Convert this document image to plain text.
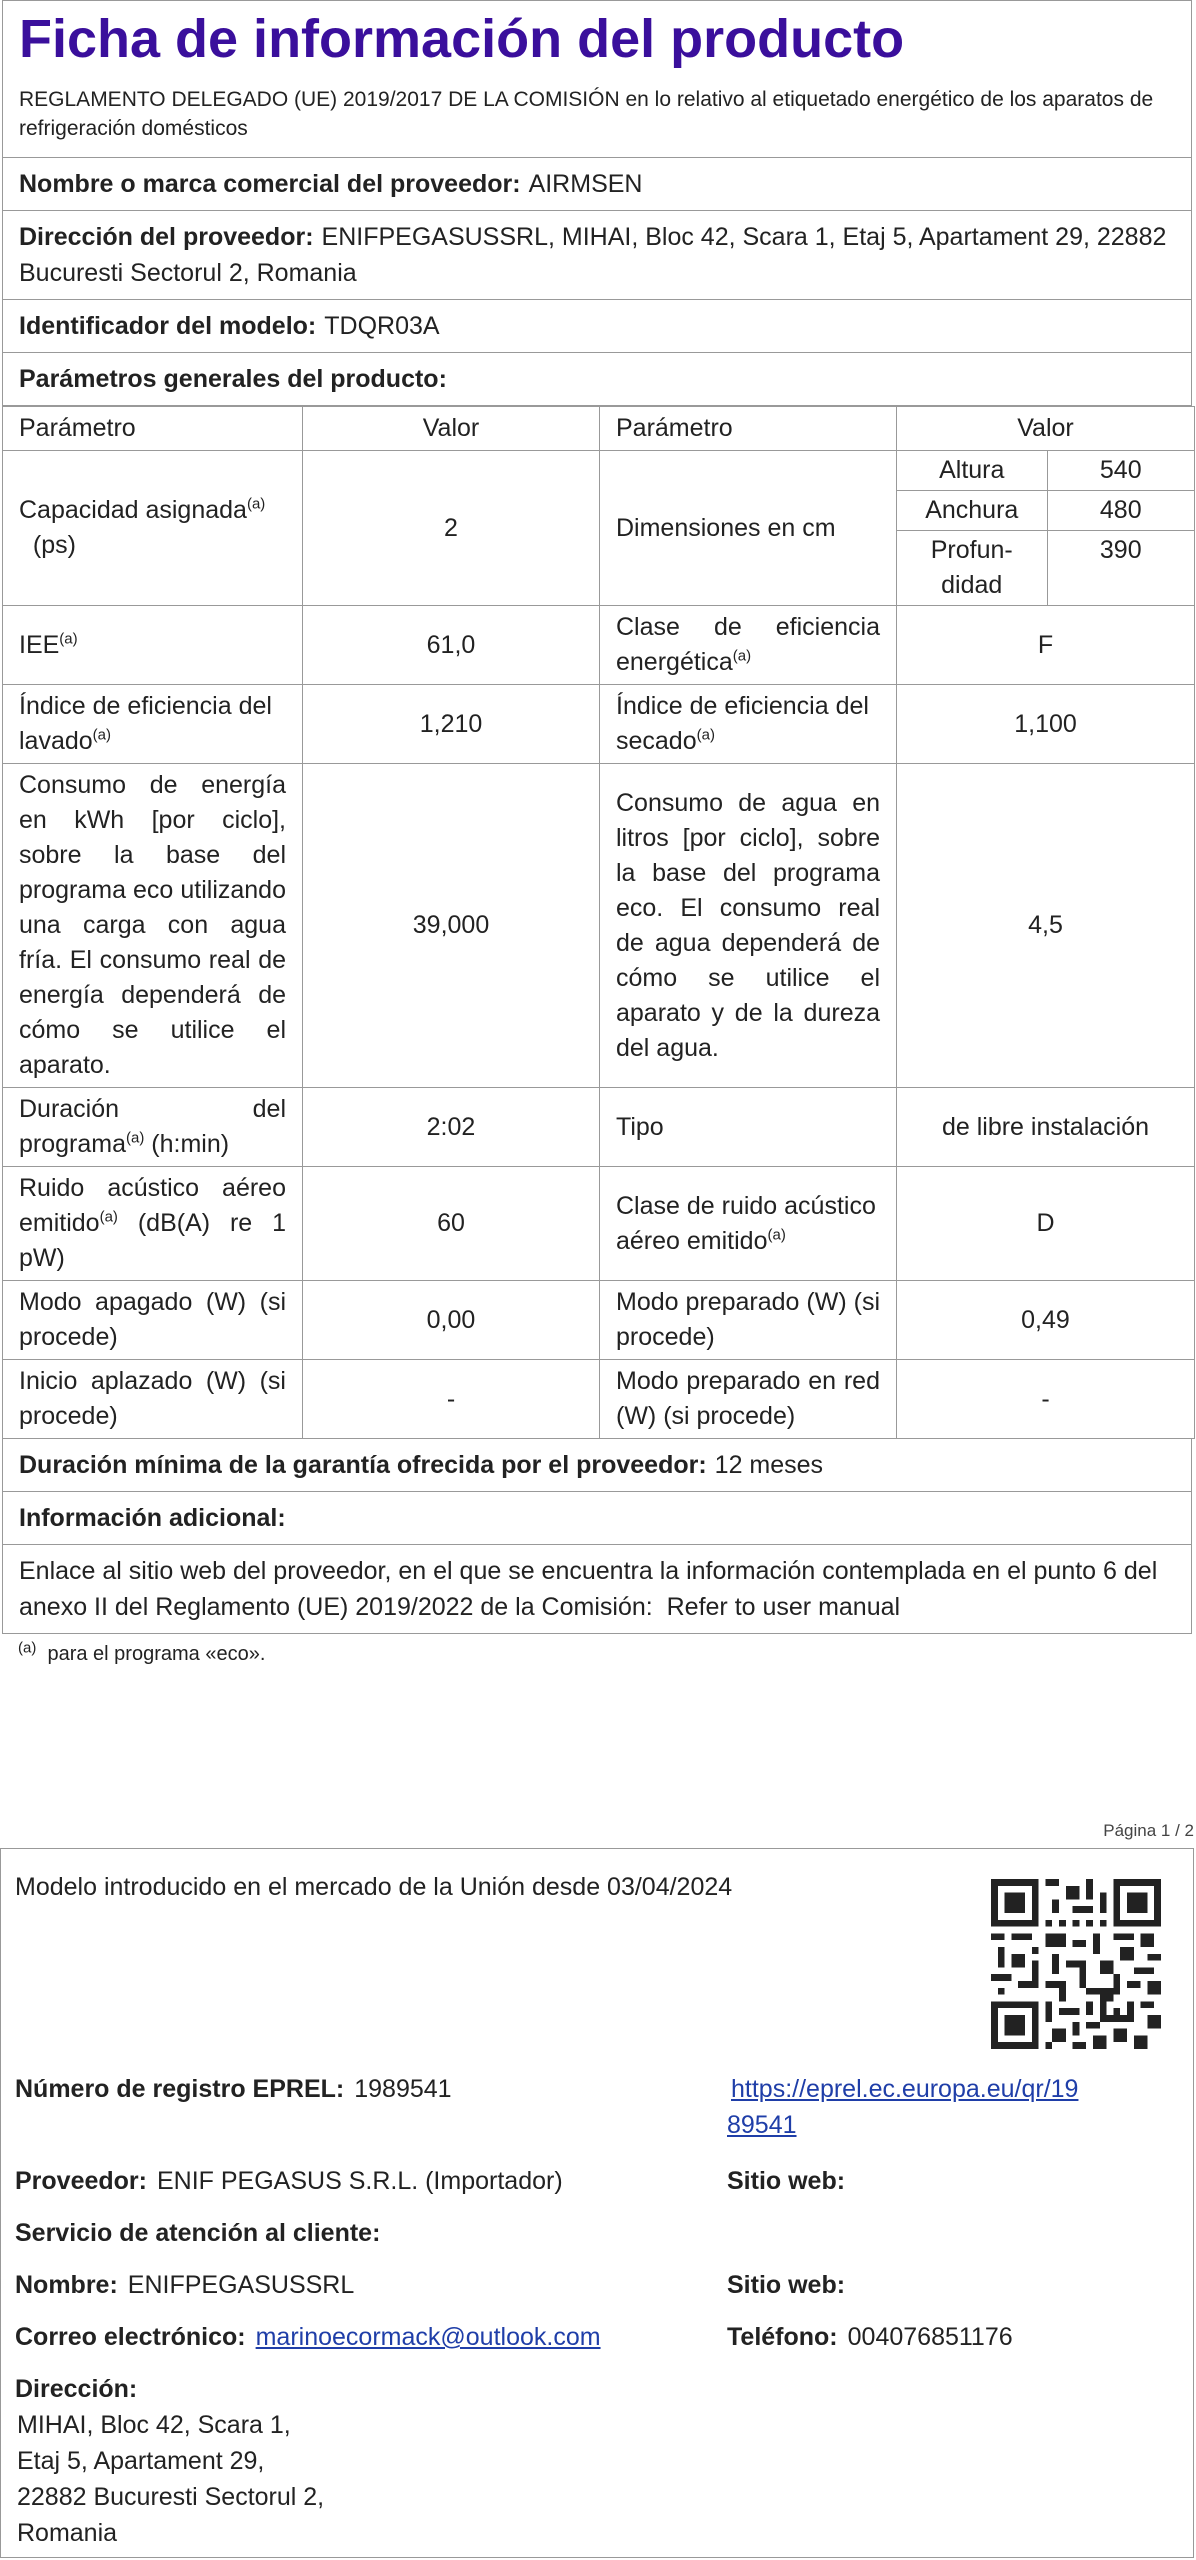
Ficha de información del producto
REGLAMENTO DELEGADO (UE) 2019/2017 DE LA COMISIÓN en lo relativo al etiquetado energético de los aparatos de refrigeración domésticos
Nombre o marca comercial del proveedor: AIRMSEN
Dirección del proveedor: ENIFPEGASUSSRL, MIHAI, Bloc 42, Scara 1, Etaj 5, Apartament 29, 22882 Bucuresti Sectorul 2, Romania
Identificador del modelo: TDQR03A
Parámetros generales del producto:
Parámetro	Valor	Parámetro	Valor
Capacidad asignada$^{(a)}$
(ps)	2	Dimensiones en cm	
Altura	540
Anchura	480
Profun-
didad	390

IEE$^{(a)}$	61,0	Clase de eficiencia energética$^{(a)}$	F
Índice de eficiencia del lavado$^{(a)}$	1,210	Índice de eficiencia del secado$^{(a)}$	1,100
Consumo de energía en kWh [por ciclo], sobre la base del programa eco utilizando una carga con agua fría. El consumo real de energía dependerá de cómo se utilice el aparato.	39,000	Consumo de agua en litros [por ciclo], sobre la base del programa eco. El consumo real de agua dependerá de cómo se utilice el aparato y de la dureza del agua.	4,5
Duración del programa$^{(a)}$ (h:min)	2:02	Tipo	de libre instalación
Ruido acústico aéreo emitido$^{(a)}$ (dB(A) re 1 pW)	60	Clase de ruido acústico aéreo emitido$^{(a)}$	D
Modo apagado (W) (si procede)	0,00	Modo preparado (W) (si procede)	0,49
Inicio aplazado (W) (si procede)	-	Modo preparado en red (W) (si procede)	-
Duración mínima de la garantía ofrecida por el proveedor: 12 meses
Información adicional:
Enlace al sitio web del proveedor, en el que se encuentra la información contemplada en el punto 6 del anexo II del Reglamento (UE) 2019/2022 de la Comisión: Refer to user manual
$^{(a)}$ para el programa «eco».
Página 1 / 2
Modelo introducido en el mercado de la Unión desde 03/04/2024
Número de registro EPREL: 1989541	https://eprel.ec.europa.eu/qr/19
89541
Proveedor: ENIF PEGASUS S.R.L. (Importador)	Sitio web:
Servicio de atención al cliente:
Nombre: ENIFPEGASUSSRL	Sitio web:
Correo electrónico: marinoecormack@outlook.com	Teléfono: 004076851176
Dirección:
MIHAI, Bloc 42, Scara 1,
Etaj 5, Apartament 29,
22882 Bucuresti Sectorul 2,
Romania
